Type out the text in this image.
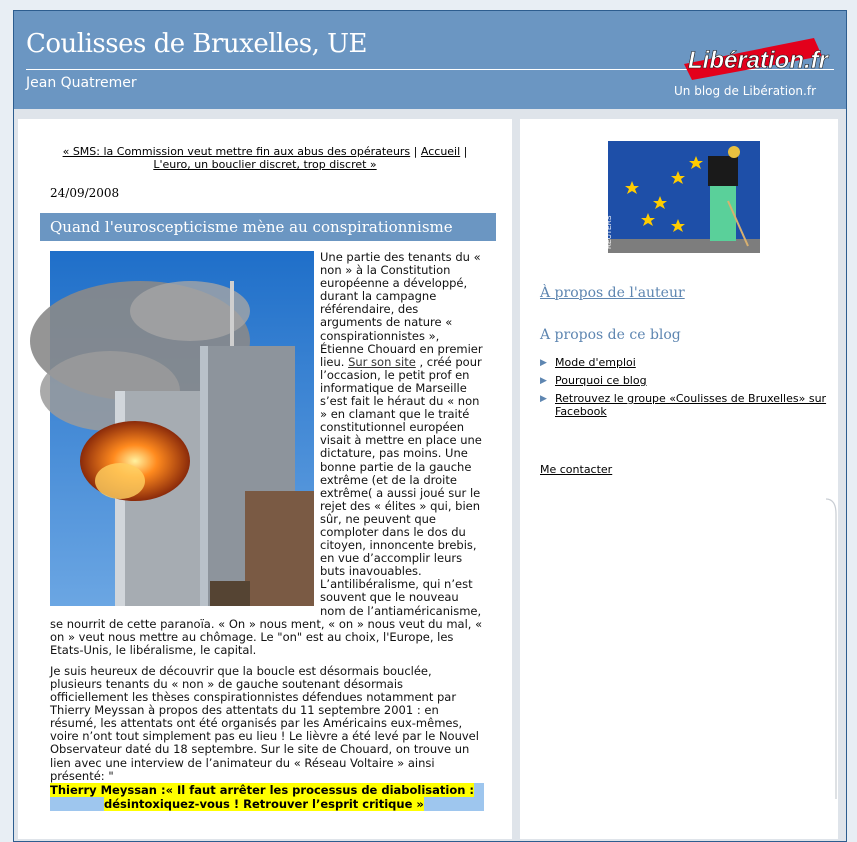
Coulisses de Bruxelles, UE
Jean Quatremer
Libération.fr
Un blog de Libération.fr
« SMS: la Commission veut mettre fin aux abus des opérateurs | Accueil |
L'euro, un bouclier discret, trop discret »
24/09/2008
Quand l'euroscepticisme mène au conspirationnisme

Une partie des tenants du « non » à la Constitution européenne a développé, durant la campagne référendaire, des arguments de nature « conspirationnistes », Étienne Chouard en premier lieu. Sur son site , créé pour l’occasion, le petit prof en informatique de Marseille s’est fait le héraut du « non » en clamant que le traité constitutionnel européen visait à mettre en place une dictature, pas moins. Une bonne partie de la gauche extrême (et de la droite extrême( a aussi joué sur le rejet des « élites » qui, bien sûr, ne peuvent que comploter dans le dos du citoyen, innoncente brebis, en vue d’accomplir leurs buts inavouables. L’antilibéralisme, qui n’est souvent que le nouveau nom de l’antiaméricanisme, se nourrit de cette paranoïa. « On » nous ment, « on » nous veut du mal, « on » veut nous mettre au chômage. Le "on" est au choix, l'Europe, les Etats-Unis, le libéralisme, le capital.

Je suis heureux de découvrir que la boucle est désormais bouclée, plusieurs tenants du « non » de gauche soutenant désormais officiellement les thèses conspirationnistes défendues notamment par Thierry Meyssan à propos des attentats du 11 septembre 2001 : en résumé, les attentats ont été organisés par les Américains eux-mêmes, voire n’ont tout simplement pas eu lieu ! Le lièvre a été levé par le Nouvel Observateur daté du 18 septembre. Sur le site de Chouard, on trouve un lien avec une interview de l’animateur du « Réseau Voltaire » ainsi présenté: "

Thierry Meyssan :« Il faut arrêter les processus de diabolisation :
désintoxiquez-vous ! Retrouver l’esprit critique »
REUTERS
À propos de l'auteur
A propos de ce blog
▶ Mode d'emploi
▶ Pourquoi ce blog
▶ Retrouvez le groupe «Coulisses de Bruxelles» sur Facebook
Me contacter
